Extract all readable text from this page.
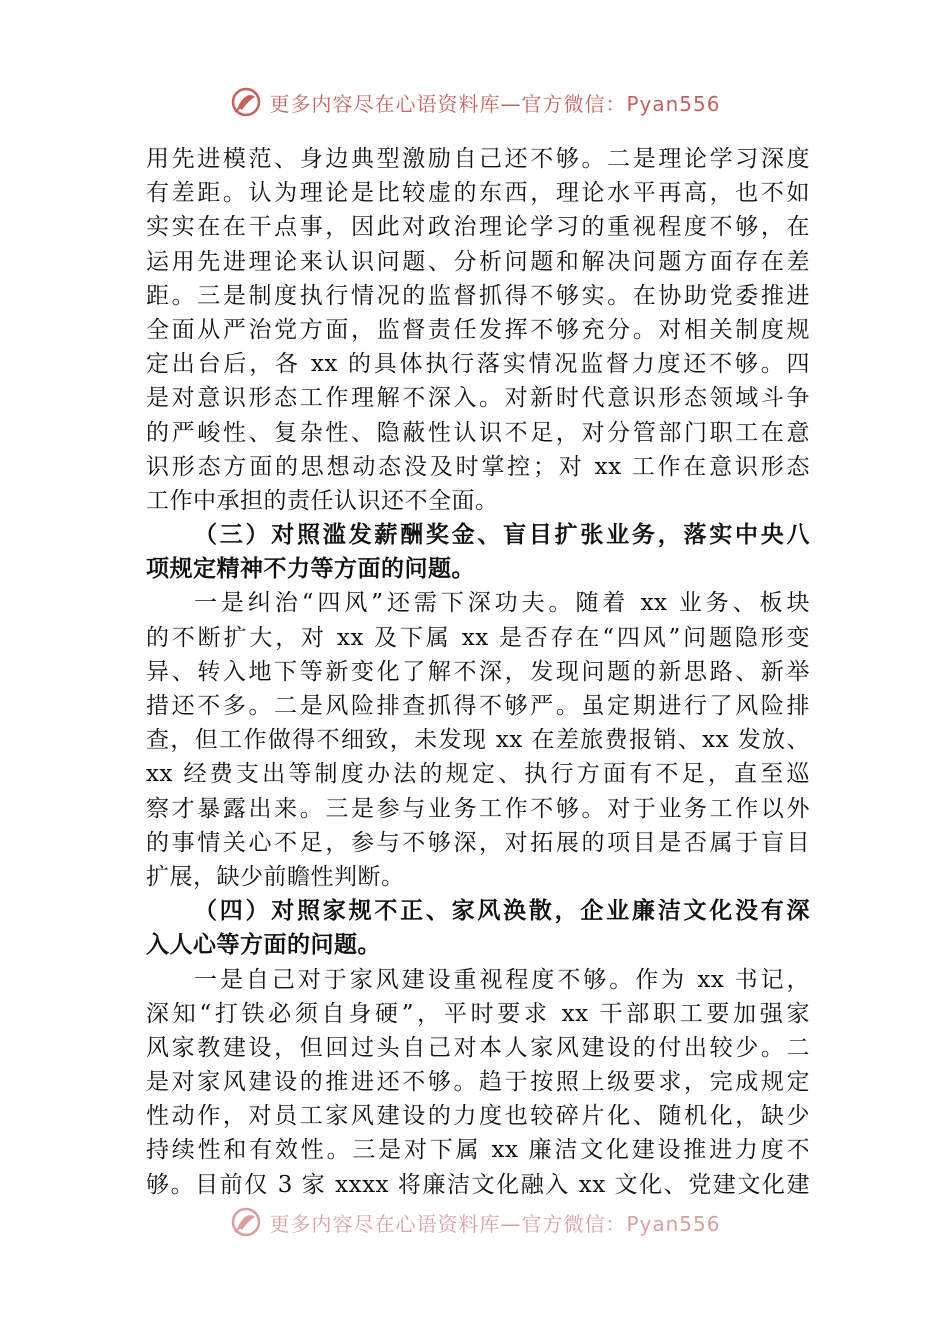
更多内容尽在心语资料库—官方微信：Pyan556
用先进模范、身边典型激励自己还不够。二是理论学习深度
有差距。认为理论是比较虚的东西，理论水平再高，也不如
实实在在干点事，因此对政治理论学习的重视程度不够，在
运用先进理论来认识问题、分析问题和解决问题方面存在差
距。三是制度执行情况的监督抓得不够实。在协助党委推进
全面从严治党方面，监督责任发挥不够充分。对相关制度规
定出台后，各 xx 的具体执行落实情况监督力度还不够。四
是对意识形态工作理解不深入。对新时代意识形态领域斗争
的严峻性、复杂性、隐蔽性认识不足，对分管部门职工在意
识形态方面的思想动态没及时掌控；对 xx 工作在意识形态
工作中承担的责任认识还不全面。
（三）对照滥发薪酬奖金、盲目扩张业务，落实中央八
项规定精神不力等方面的问题。
一是纠治“四风”还需下深功夫。随着 xx 业务、板块
的不断扩大，对 xx 及下属 xx 是否存在“四风”问题隐形变
异、转入地下等新变化了解不深，发现问题的新思路、新举
措还不多。二是风险排查抓得不够严。虽定期进行了风险排
查，但工作做得不细致，未发现 xx 在差旅费报销、xx 发放、
xx 经费支出等制度办法的规定、执行方面有不足，直至巡
察才暴露出来。三是参与业务工作不够。对于业务工作以外
的事情关心不足，参与不够深，对拓展的项目是否属于盲目
扩展，缺少前瞻性判断。
（四）对照家规不正、家风涣散，企业廉洁文化没有深
入人心等方面的问题。
一是自己对于家风建设重视程度不够。作为 xx 书记，
深知“打铁必须自身硬”，平时要求 xx 干部职工要加强家
风家教建设，但回过头自己对本人家风建设的付出较少。二
是对家风建设的推进还不够。趋于按照上级要求，完成规定
性动作，对员工家风建设的力度也较碎片化、随机化，缺少
持续性和有效性。三是对下属 xx 廉洁文化建设推进力度不
够。目前仅 3 家 xxxx 将廉洁文化融入 xx 文化、党建文化建
更多内容尽在心语资料库—官方微信：Pyan556
